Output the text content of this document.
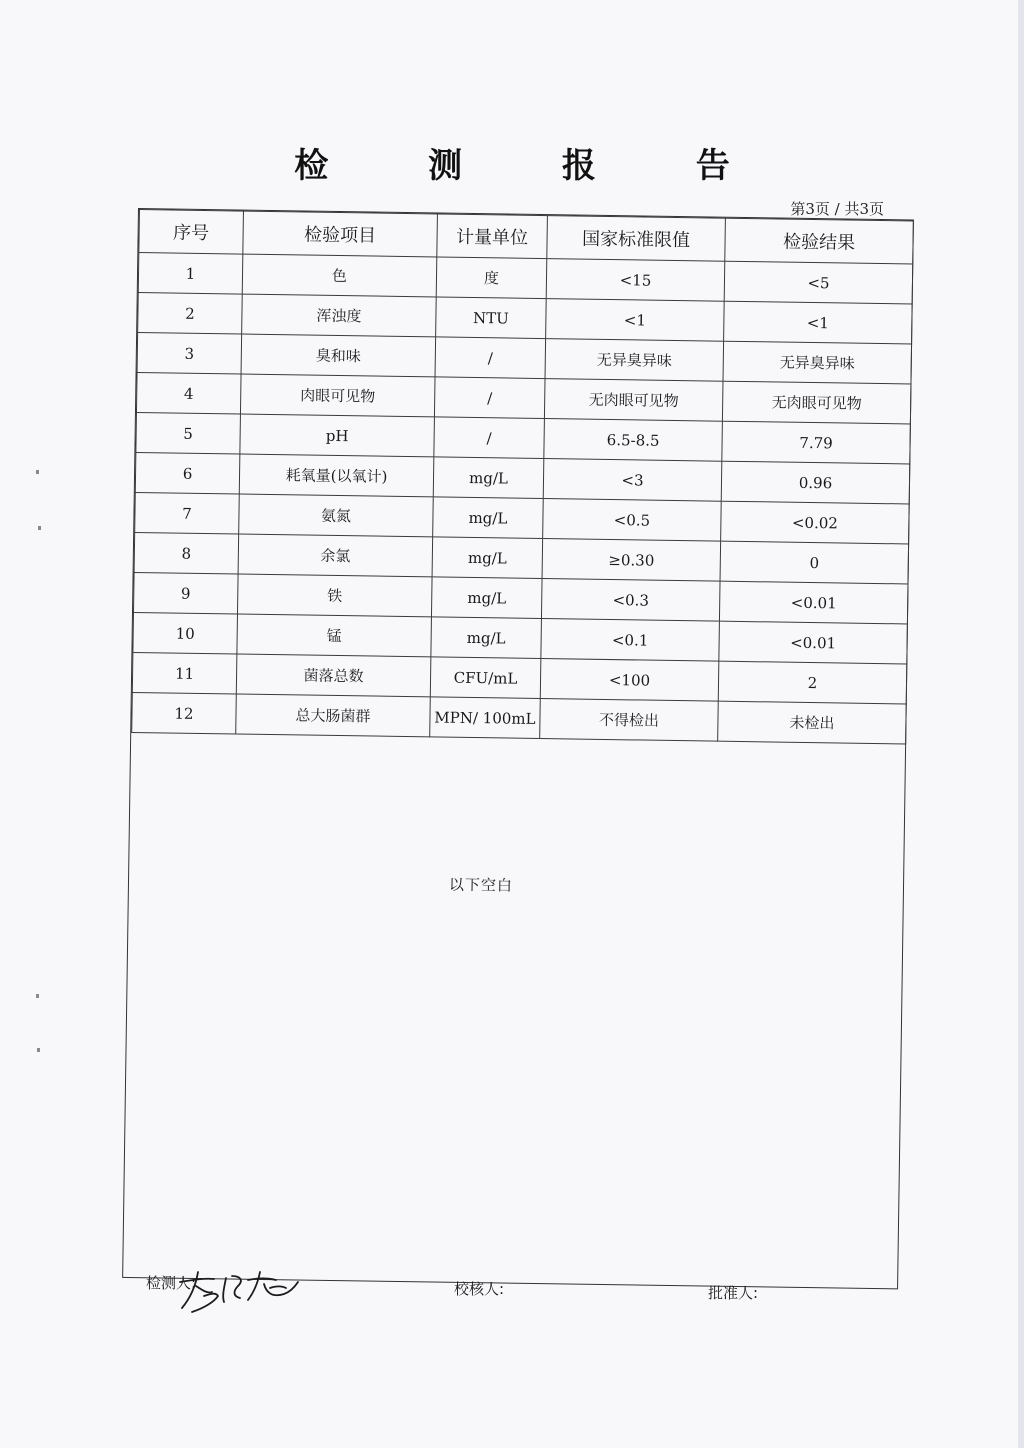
检 测 报 告
第3页 / 共3页
序号	检验项目	计量单位	国家标准限值	检验结果
1	色	度	<15	<5
2	浑浊度	NTU	<1	<1
3	臭和味	/	无异臭异味	无异臭异味
4	肉眼可见物	/	无肉眼可见物	无肉眼可见物
5	pH	/	6.5-8.5	7.79
6	耗氧量(以氧计)	mg/L	<3	0.96
7	氨氮	mg/L	<0.5	<0.02
8	余氯	mg/L	≥0.30	0
9	铁	mg/L	<0.3	<0.01
10	锰	mg/L	<0.1	<0.01
11	菌落总数	CFU/mL	<100	2
12	总大肠菌群	MPN/ 100mL	不得检出	未检出
以下空白
检测人:	校核人:	批准人:
